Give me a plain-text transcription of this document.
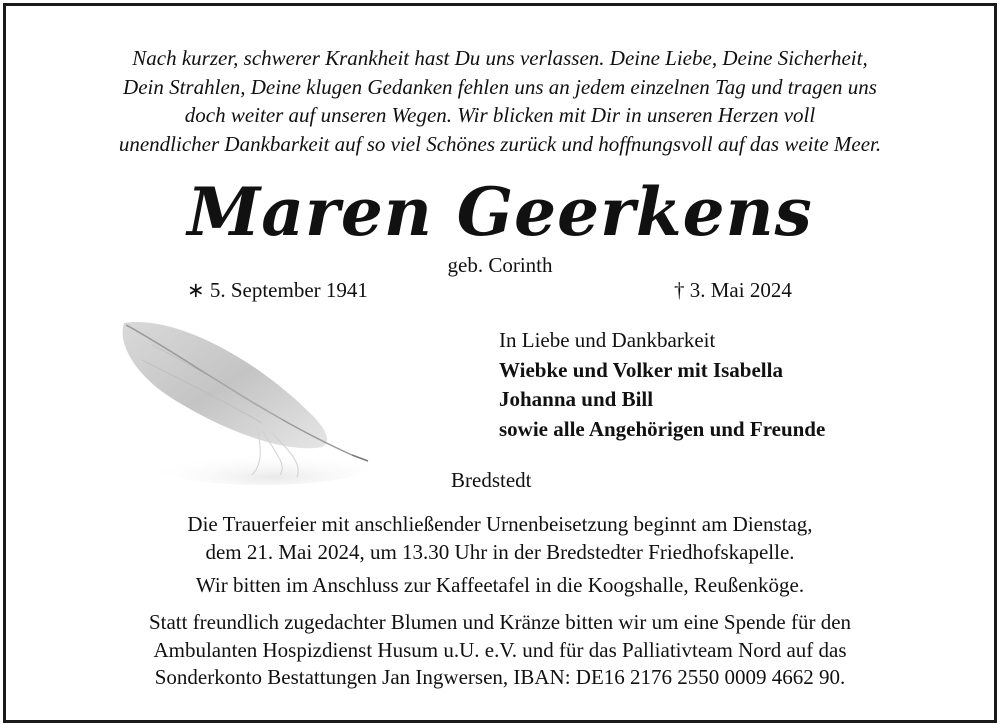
Nach kurzer, schwerer Krankheit hast Du uns verlassen. Deine Liebe, Deine Sicherheit,
Dein Strahlen, Deine klugen Gedanken fehlen uns an jedem einzelnen Tag und tragen uns
doch weiter auf unseren Wegen. Wir blicken mit Dir in unseren Herzen voll
unendlicher Dankbarkeit auf so viel Schönes zurück und hoffnungsvoll auf das weite Meer.
Maren Geerkens
geb. Corinth
∗ 5. September 1941	† 3. Mai 2024
In Liebe und Dankbarkeit
Wiebke und Volker mit Isabella
Johanna und Bill
sowie alle Angehörigen und Freunde
Bredstedt
Die Trauerfeier mit anschließender Urnenbeisetzung beginnt am Dienstag,
dem 21. Mai 2024, um 13.30 Uhr in der Bredstedter Friedhofskapelle.
Wir bitten im Anschluss zur Kaffeetafel in die Koogshalle, Reußenköge.
Statt freundlich zugedachter Blumen und Kränze bitten wir um eine Spende für den
Ambulanten Hospizdienst Husum u.U. e.V. und für das Palliativteam Nord auf das
Sonderkonto Bestattungen Jan Ingwersen, IBAN: DE16 2176 2550 0009 4662 90.
